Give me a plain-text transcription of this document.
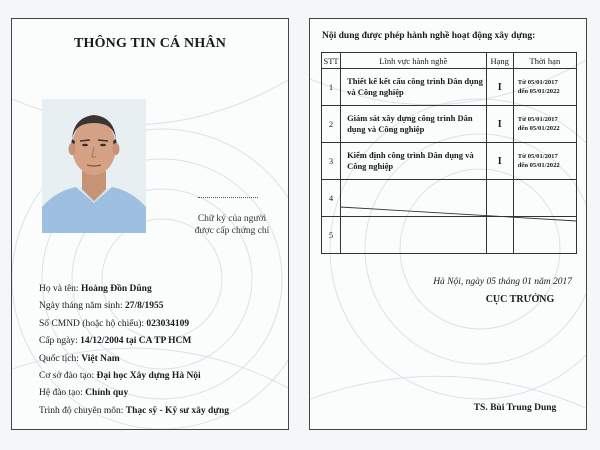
THÔNG TIN CÁ NHÂN
Chữ ký của người
được cấp chứng chỉ
Họ và tên: Hoàng Đồn Dũng
Ngày tháng năm sinh: 27/8/1955
Số CMND (hoặc hộ chiếu): 023034109
Cấp ngày: 14/12/2004 tại CA TP HCM
Quốc tịch: Việt Nam
Cơ sở đào tạo: Đại học Xây dựng Hà Nội
Hệ đào tạo: Chính quy
Trình độ chuyên môn: Thạc sỹ - Kỹ sư xây dựng
Nội dung được phép hành nghề hoạt động xây dựng:
STT	Lĩnh vực hành nghề	Hạng	Thời hạn
1	Thiết kế kết cấu công trình Dân dụng và Công nghiệp	I	Từ 05/01/2017
đến 05/01/2022

2	Giám sát xây dựng công trình Dân dụng và Công nghiệp	I	Từ 05/01/2017
đến 05/01/2022

3	Kiểm định công trình Dân dụng và Công nghiệp	I	Từ 05/01/2017
đến 05/01/2022

4			
5			
Hà Nội, ngày 05 tháng 01 năm 2017
CỤC TRƯỞNG
TS. Bùi Trung Dung
